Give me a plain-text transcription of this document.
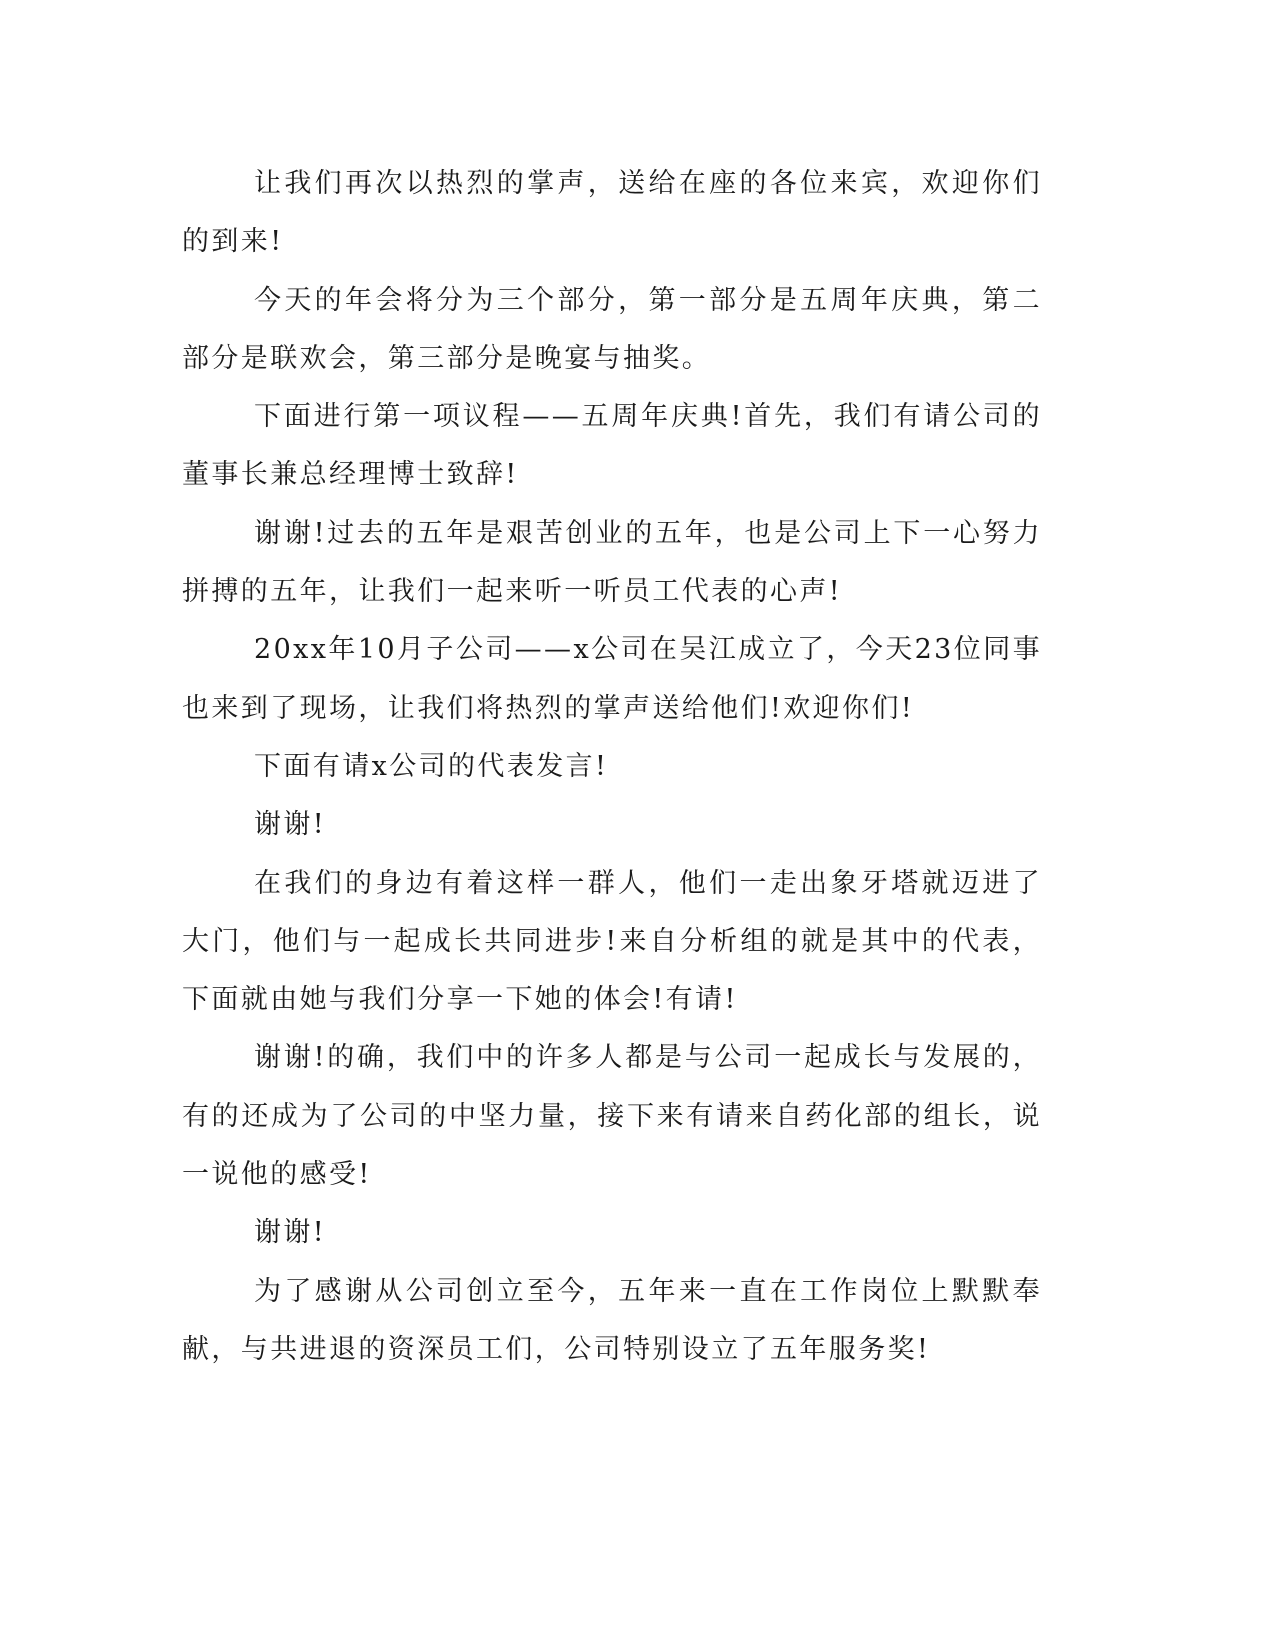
让我们再次以热烈的掌声，送给在座的各位来宾，欢迎你们的到来!

今天的年会将分为三个部分，第一部分是五周年庆典，第二部分是联欢会，第三部分是晚宴与抽奖。

下面进行第一项议程——五周年庆典!首先，我们有请公司的董事长兼总经理博士致辞!

谢谢!过去的五年是艰苦创业的五年，也是公司上下一心努力拼搏的五年，让我们一起来听一听员工代表的心声!

20xx年10月子公司——x公司在吴江成立了，今天23位同事也来到了现场，让我们将热烈的掌声送给他们!欢迎你们!

下面有请x公司的代表发言!

谢谢!

在我们的身边有着这样一群人，他们一走出象牙塔就迈进了大门，他们与一起成长共同进步!来自分析组的就是其中的代表，下面就由她与我们分享一下她的体会!有请!

谢谢!的确，我们中的许多人都是与公司一起成长与发展的，有的还成为了公司的中坚力量，接下来有请来自药化部的组长，说一说他的感受!

谢谢!

为了感谢从公司创立至今，五年来一直在工作岗位上默默奉献，与共进退的资深员工们，公司特别设立了五年服务奖!
